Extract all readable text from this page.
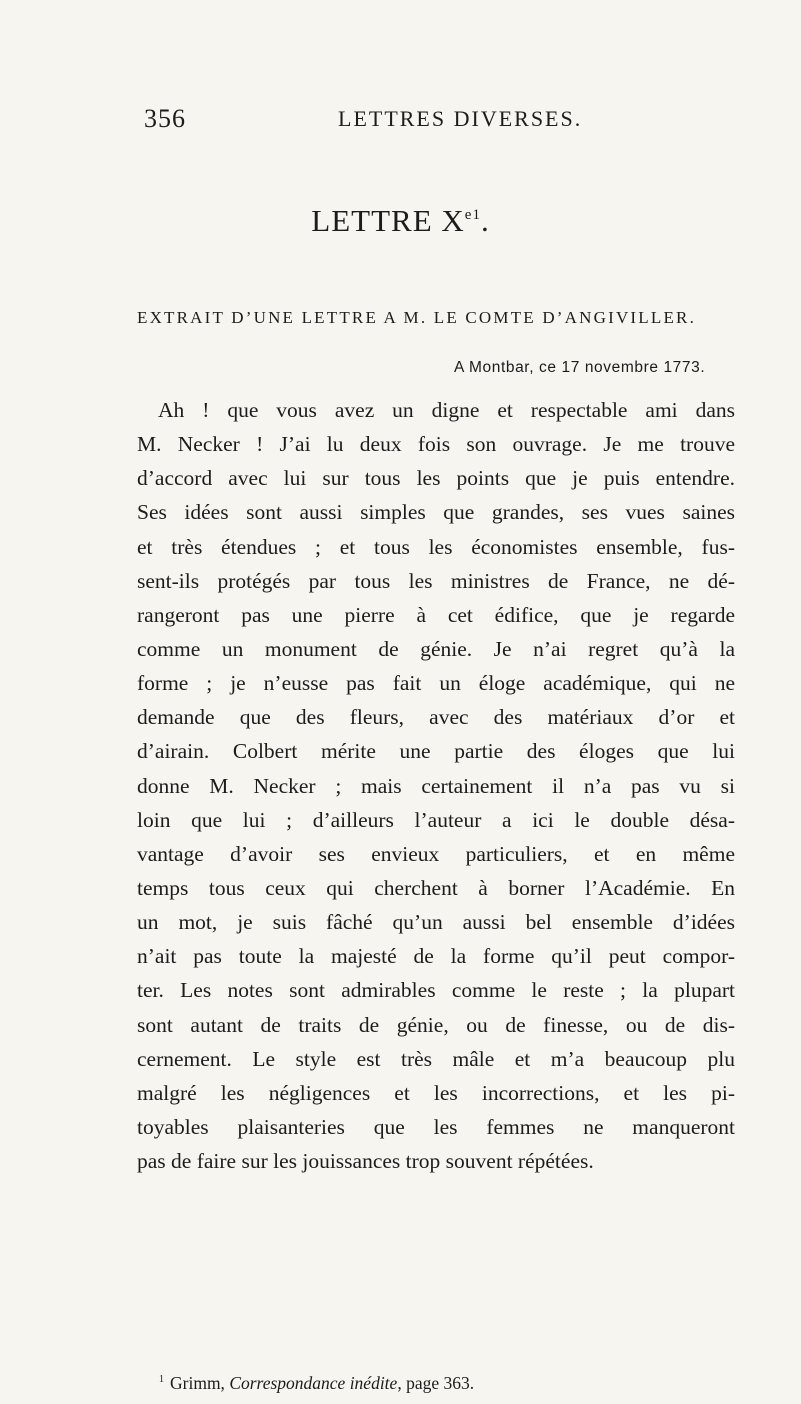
356	LETTRES DIVERSES.
LETTRE $X^{e1}$.
EXTRAIT D’UNE LETTRE A M. LE COMTE D’ANGIVILLER.
A Montbar, ce 17 novembre 1773.
Ah ! que vous avez un digne et respectable ami dans
M. Necker ! J’ai lu deux fois son ouvrage. Je me trouve
d’accord avec lui sur tous les points que je puis entendre.
Ses idées sont aussi simples que grandes, ses vues saines
et très étendues ; et tous les économistes ensemble, fus-
sent-ils protégés par tous les ministres de France, ne dé-
rangeront pas une pierre à cet édifice, que je regarde
comme un monument de génie. Je n’ai regret qu’à la
forme ; je n’eusse pas fait un éloge académique, qui ne
demande que des fleurs, avec des matériaux d’or et
d’airain. Colbert mérite une partie des éloges que lui
donne M. Necker ; mais certainement il n’a pas vu si
loin que lui ; d’ailleurs l’auteur a ici le double désa-
vantage d’avoir ses envieux particuliers, et en même
temps tous ceux qui cherchent à borner l’Académie. En
un mot, je suis fâché qu’un aussi bel ensemble d’idées
n’ait pas toute la majesté de la forme qu’il peut compor-
ter. Les notes sont admirables comme le reste ; la plupart
sont autant de traits de génie, ou de finesse, ou de dis-
cernement. Le style est très mâle et m’a beaucoup plu
malgré les négligences et les incorrections, et les pi-
toyables plaisanteries que les femmes ne manqueront
pas de faire sur les jouissances trop souvent répétées.
$^1$ Grimm, Correspondance inédite, page 363.
